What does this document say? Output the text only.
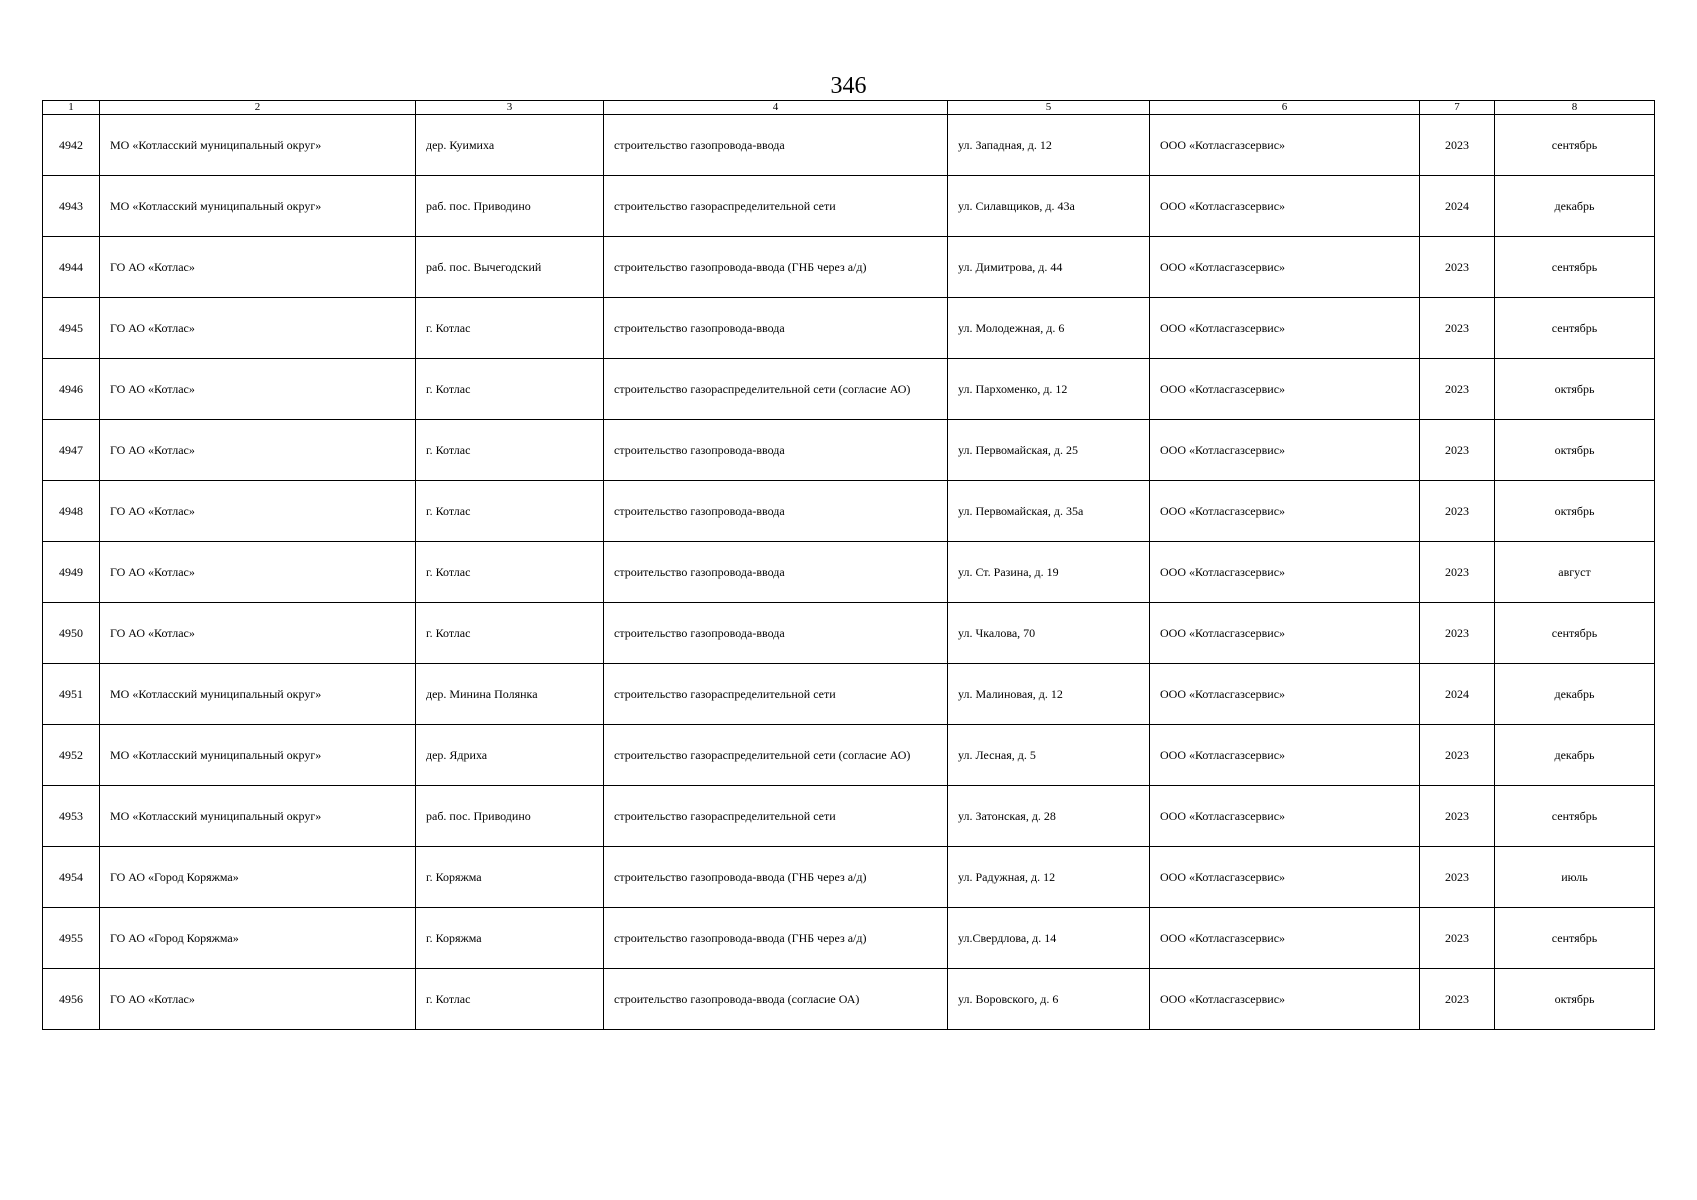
346
1	2	3	4	5	6	7	8
4942	МО «Котласский муниципальный округ»	дер. Куимиха	строительство газопровода-ввода	ул. Западная, д. 12	ООО «Котласгазсервис»	2023	сентябрь
4943	МО «Котласский муниципальный округ»	раб. пос. Приводино	строительство газораспределительной сети	ул. Силавщиков, д. 43а	ООО «Котласгазсервис»	2024	декабрь
4944	ГО АО «Котлас»	раб. пос. Вычегодский	строительство газопровода-ввода (ГНБ через а/д)	ул. Димитрова, д. 44	ООО «Котласгазсервис»	2023	сентябрь
4945	ГО АО «Котлас»	г. Котлас	строительство газопровода-ввода	ул. Молодежная, д. 6	ООО «Котласгазсервис»	2023	сентябрь
4946	ГО АО «Котлас»	г. Котлас	строительство газораспределительной сети (согласие АО)	ул. Пархоменко, д. 12	ООО «Котласгазсервис»	2023	октябрь
4947	ГО АО «Котлас»	г. Котлас	строительство газопровода-ввода	ул. Первомайская, д. 25	ООО «Котласгазсервис»	2023	октябрь
4948	ГО АО «Котлас»	г. Котлас	строительство газопровода-ввода	ул. Первомайская, д. 35а	ООО «Котласгазсервис»	2023	октябрь
4949	ГО АО «Котлас»	г. Котлас	строительство газопровода-ввода	ул. Ст. Разина, д. 19	ООО «Котласгазсервис»	2023	август
4950	ГО АО «Котлас»	г. Котлас	строительство газопровода-ввода	ул. Чкалова, 70	ООО «Котласгазсервис»	2023	сентябрь
4951	МО «Котласский муниципальный округ»	дер. Минина Полянка	строительство газораспределительной сети	ул. Малиновая, д. 12	ООО «Котласгазсервис»	2024	декабрь
4952	МО «Котласский муниципальный округ»	дер. Ядриха	строительство газораспределительной сети (согласие АО)	ул. Лесная, д. 5	ООО «Котласгазсервис»	2023	декабрь
4953	МО «Котласский муниципальный округ»	раб. пос. Приводино	строительство газораспределительной сети	ул. Затонская, д. 28	ООО «Котласгазсервис»	2023	сентябрь
4954	ГО АО «Город Коряжма»	г. Коряжма	строительство газопровода-ввода (ГНБ через а/д)	ул. Радужная, д. 12	ООО «Котласгазсервис»	2023	июль
4955	ГО АО «Город Коряжма»	г. Коряжма	строительство газопровода-ввода (ГНБ через а/д)	ул.Свердлова, д. 14	ООО «Котласгазсервис»	2023	сентябрь
4956	ГО АО «Котлас»	г. Котлас	строительство газопровода-ввода (согласие ОА)	ул. Воровского, д. 6	ООО «Котласгазсервис»	2023	октябрь
